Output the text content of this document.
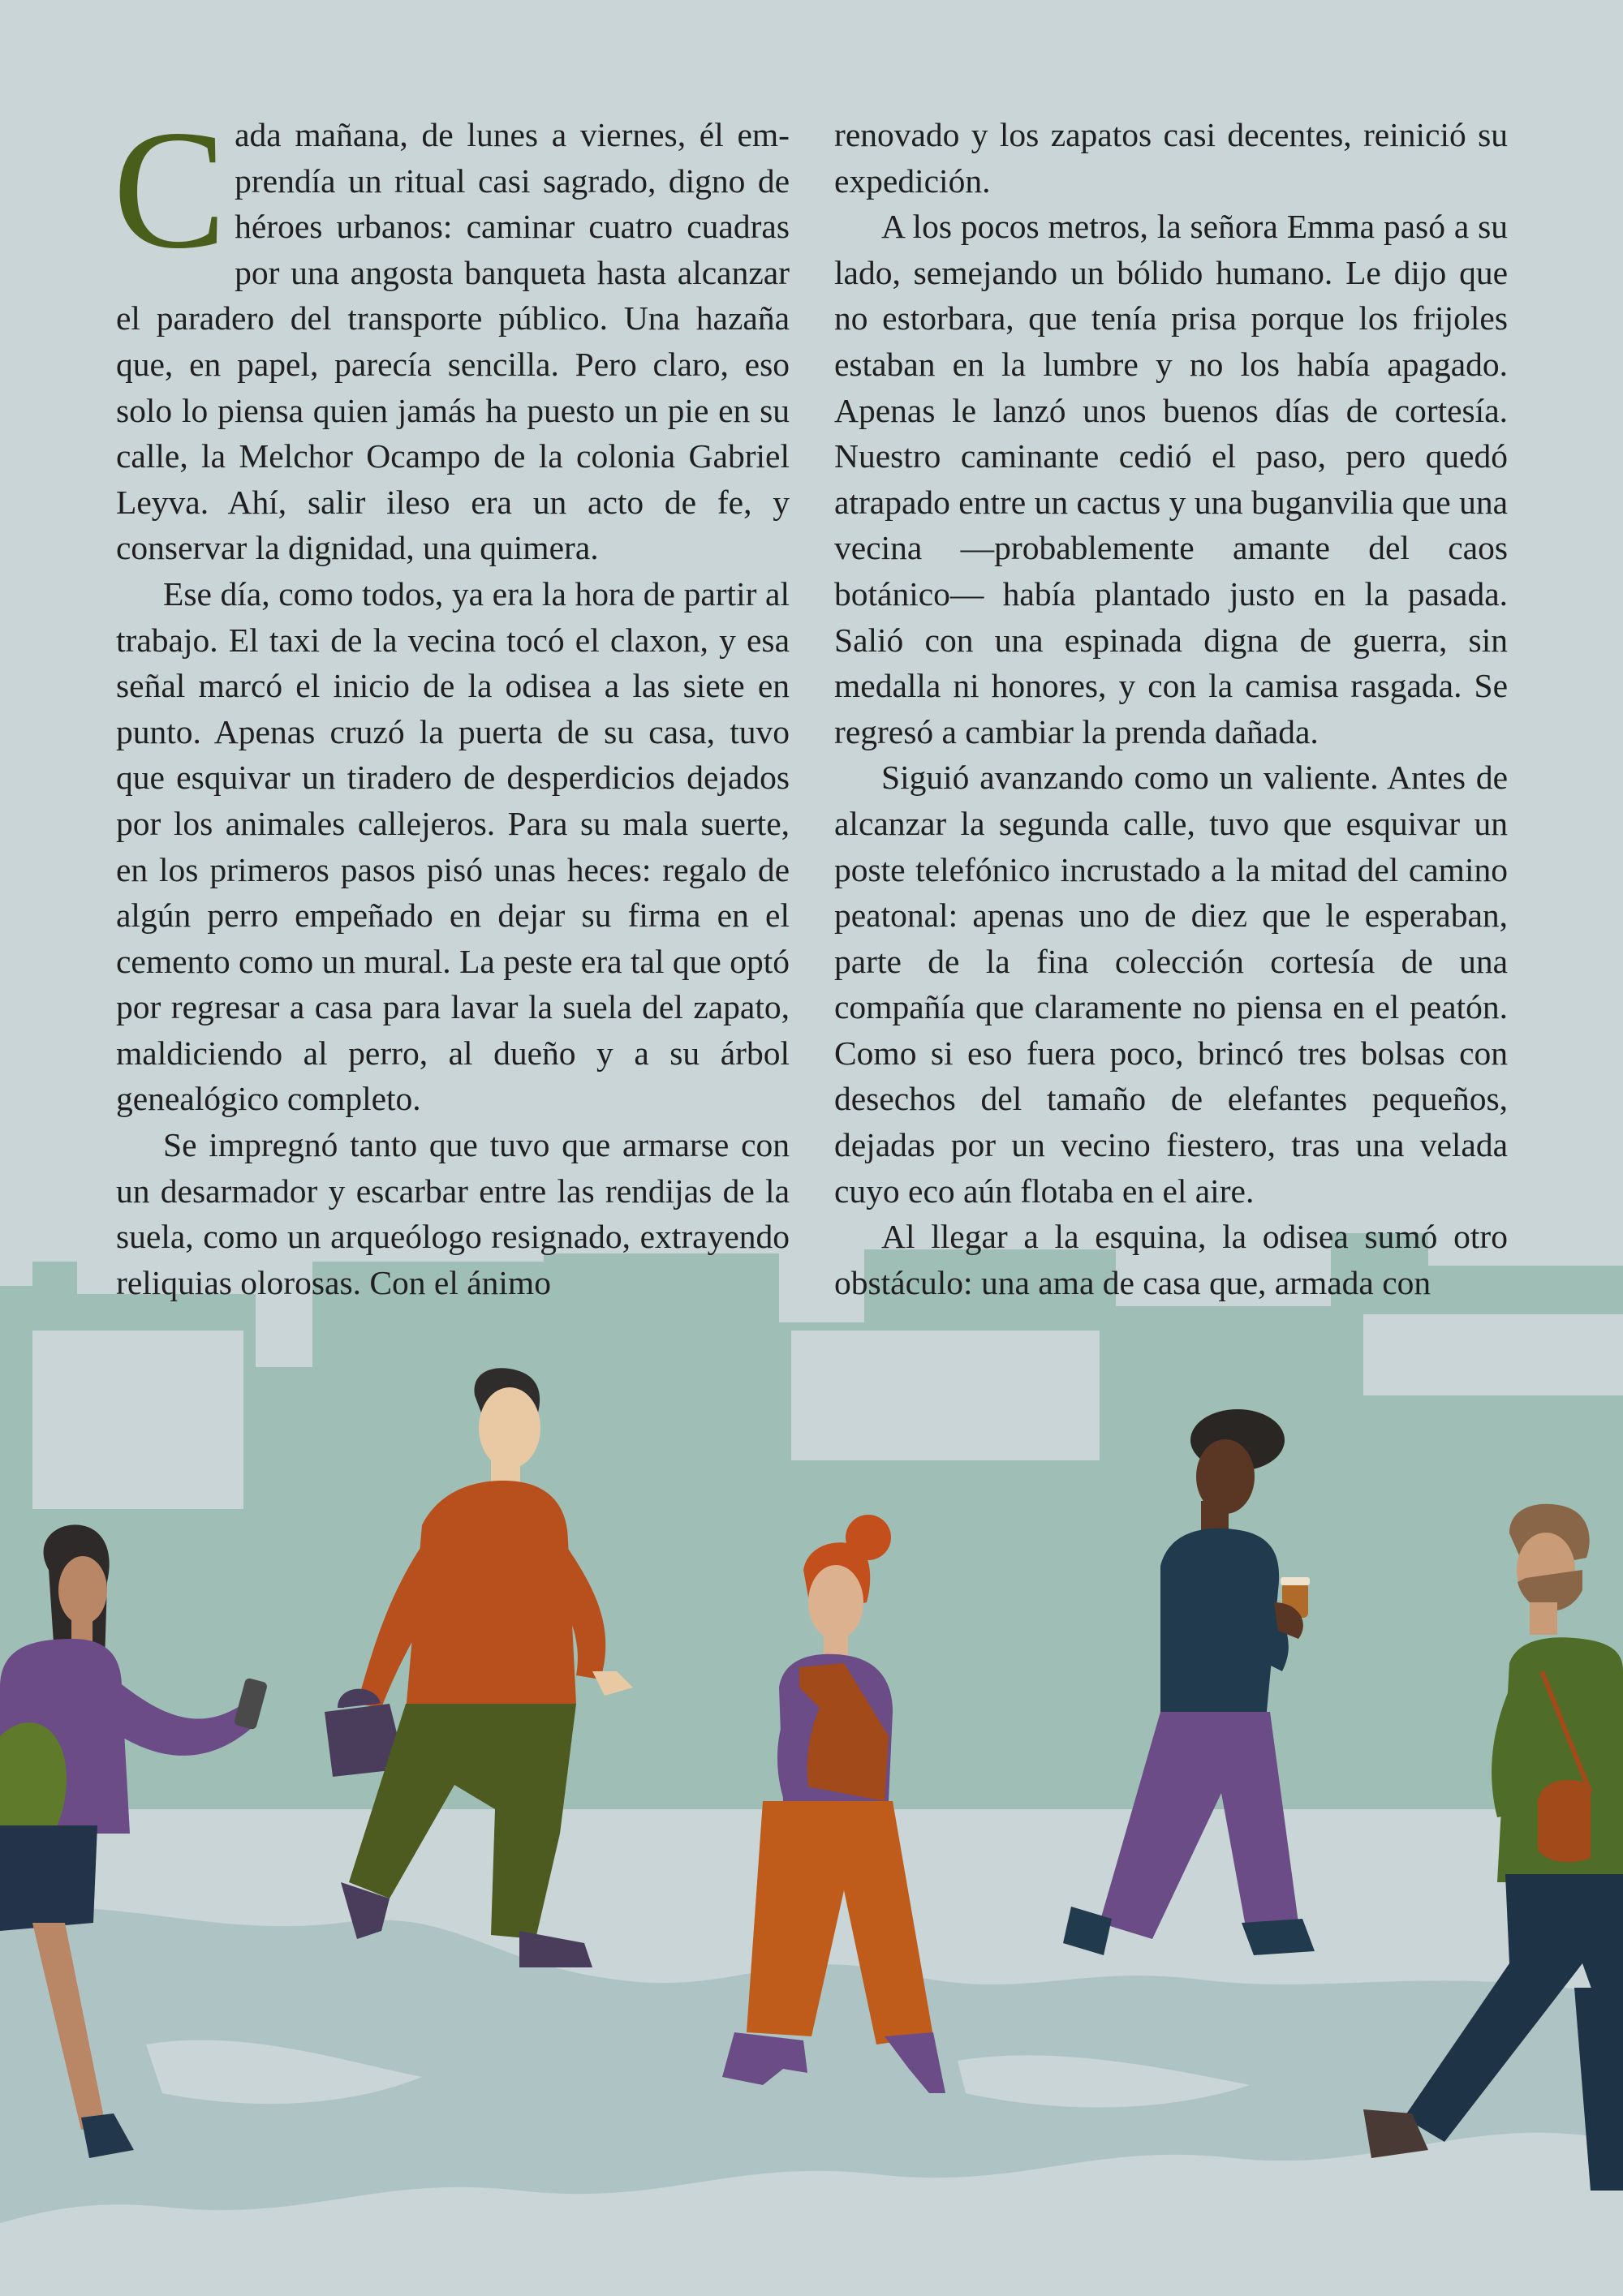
Cada mañana, de lunes a viernes, él emprendía un ritual casi sagrado, digno de héroes urbanos: caminar cuatro cuadras por una angosta banqueta hasta alcanzar el paradero del transporte público. Una hazaña que, en papel, parecía sencilla. Pero claro, eso solo lo piensa quien jamás ha puesto un pie en su calle, la Melchor Ocampo de la colonia Gabriel Leyva. Ahí, salir ileso era un acto de fe, y conservar la dignidad, una quimera.

Ese día, como todos, ya era la hora de partir al trabajo. El taxi de la vecina tocó el claxon, y esa señal marcó el inicio de la odisea a las siete en punto. Apenas cruzó la puerta de su casa, tuvo que esquivar un tiradero de desperdicios dejados por los animales callejeros. Para su mala suerte, en los primeros pasos pisó unas heces: regalo de algún perro empeñado en dejar su firma en el cemento como un mural. La peste era tal que optó por regresar a casa para lavar la suela del zapato, maldiciendo al perro, al dueño y a su árbol genealógico completo.

Se impregnó tanto que tuvo que armarse con un desarmador y escarbar entre las rendijas de la suela, como un arqueólogo resignado, extrayendo reliquias olorosas. Con el ánimo

renovado y los zapatos casi decentes, reinició su expedición.

A los pocos metros, la señora Emma pasó a su lado, semejando un bólido humano. Le dijo que no estorbara, que tenía prisa porque los frijoles estaban en la lumbre y no los había apagado. Apenas le lanzó unos buenos días de cortesía. Nuestro caminante cedió el paso, pero quedó atrapado entre un cactus y una buganvilia que una vecina —probablemente amante del caos botánico— había plantado justo en la pasada. Salió con una espinada digna de guerra, sin medalla ni honores, y con la camisa rasgada. Se regresó a cambiar la prenda dañada.

Siguió avanzando como un valiente. Antes de alcanzar la segunda calle, tuvo que esquivar un poste telefónico incrustado a la mitad del camino peatonal: apenas uno de diez que le esperaban, parte de la fina colección cortesía de una compañía que claramente no piensa en el peatón. Como si eso fuera poco, brincó tres bolsas con desechos del tamaño de elefantes pequeños, dejadas por un vecino fiestero, tras una velada cuyo eco aún flotaba en el aire.

Al llegar a la esquina, la odisea sumó otro obstáculo: una ama de casa que, armada con
